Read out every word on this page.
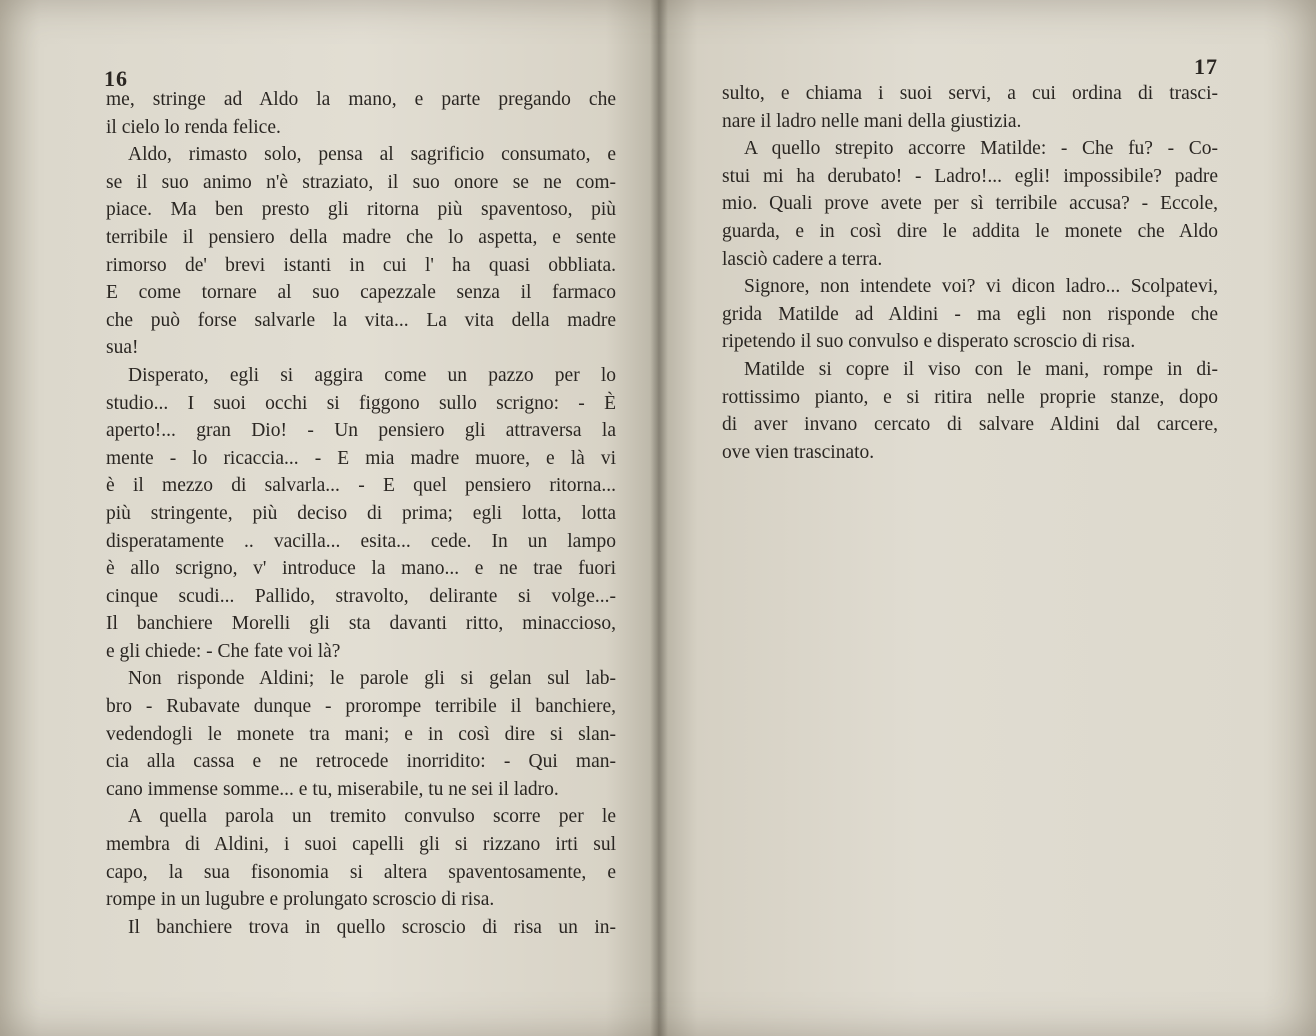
16
me, stringe ad Aldo la mano, e parte pregando che
il cielo lo renda felice.
Aldo, rimasto solo, pensa al sagrificio consumato, e
se il suo animo n'è straziato, il suo onore se ne com-
piace. Ma ben presto gli ritorna più spaventoso, più
terribile il pensiero della madre che lo aspetta, e sente
rimorso de' brevi istanti in cui l' ha quasi obbliata.
E come tornare al suo capezzale senza il farmaco
che può forse salvarle la vita... La vita della madre
sua!
Disperato, egli si aggira come un pazzo per lo
studio... I suoi occhi si figgono sullo scrigno: - È
aperto!... gran Dio! - Un pensiero gli attraversa la
mente - lo ricaccia... - E mia madre muore, e là vi
è il mezzo di salvarla... - E quel pensiero ritorna...
più stringente, più deciso di prima; egli lotta, lotta
disperatamente .. vacilla... esita... cede. In un lampo
è allo scrigno, v' introduce la mano... e ne trae fuori
cinque scudi... Pallido, stravolto, delirante si volge...-
Il banchiere Morelli gli sta davanti ritto, minaccioso,
e gli chiede: - Che fate voi là?
Non risponde Aldini; le parole gli si gelan sul lab-
bro - Rubavate dunque - prorompe terribile il banchiere,
vedendogli le monete tra mani; e in così dire si slan-
cia alla cassa e ne retrocede inorridito: - Qui man-
cano immense somme... e tu, miserabile, tu ne sei il ladro.
A quella parola un tremito convulso scorre per le
membra di Aldini, i suoi capelli gli si rizzano irti sul
capo, la sua fisonomia si altera spaventosamente, e
rompe in un lugubre e prolungato scroscio di risa.
Il banchiere trova in quello scroscio di risa un in-
17
sulto, e chiama i suoi servi, a cui ordina di trasci-
nare il ladro nelle mani della giustizia.
A quello strepito accorre Matilde: - Che fu? - Co-
stui mi ha derubato! - Ladro!... egli! impossibile? padre
mio. Quali prove avete per sì terribile accusa? - Eccole,
guarda, e in così dire le addita le monete che Aldo
lasciò cadere a terra.
Signore, non intendete voi? vi dicon ladro... Scolpatevi,
grida Matilde ad Aldini - ma egli non risponde che
ripetendo il suo convulso e disperato scroscio di risa.
Matilde si copre il viso con le mani, rompe in di-
rottissimo pianto, e si ritira nelle proprie stanze, dopo
di aver invano cercato di salvare Aldini dal carcere,
ove vien trascinato.
